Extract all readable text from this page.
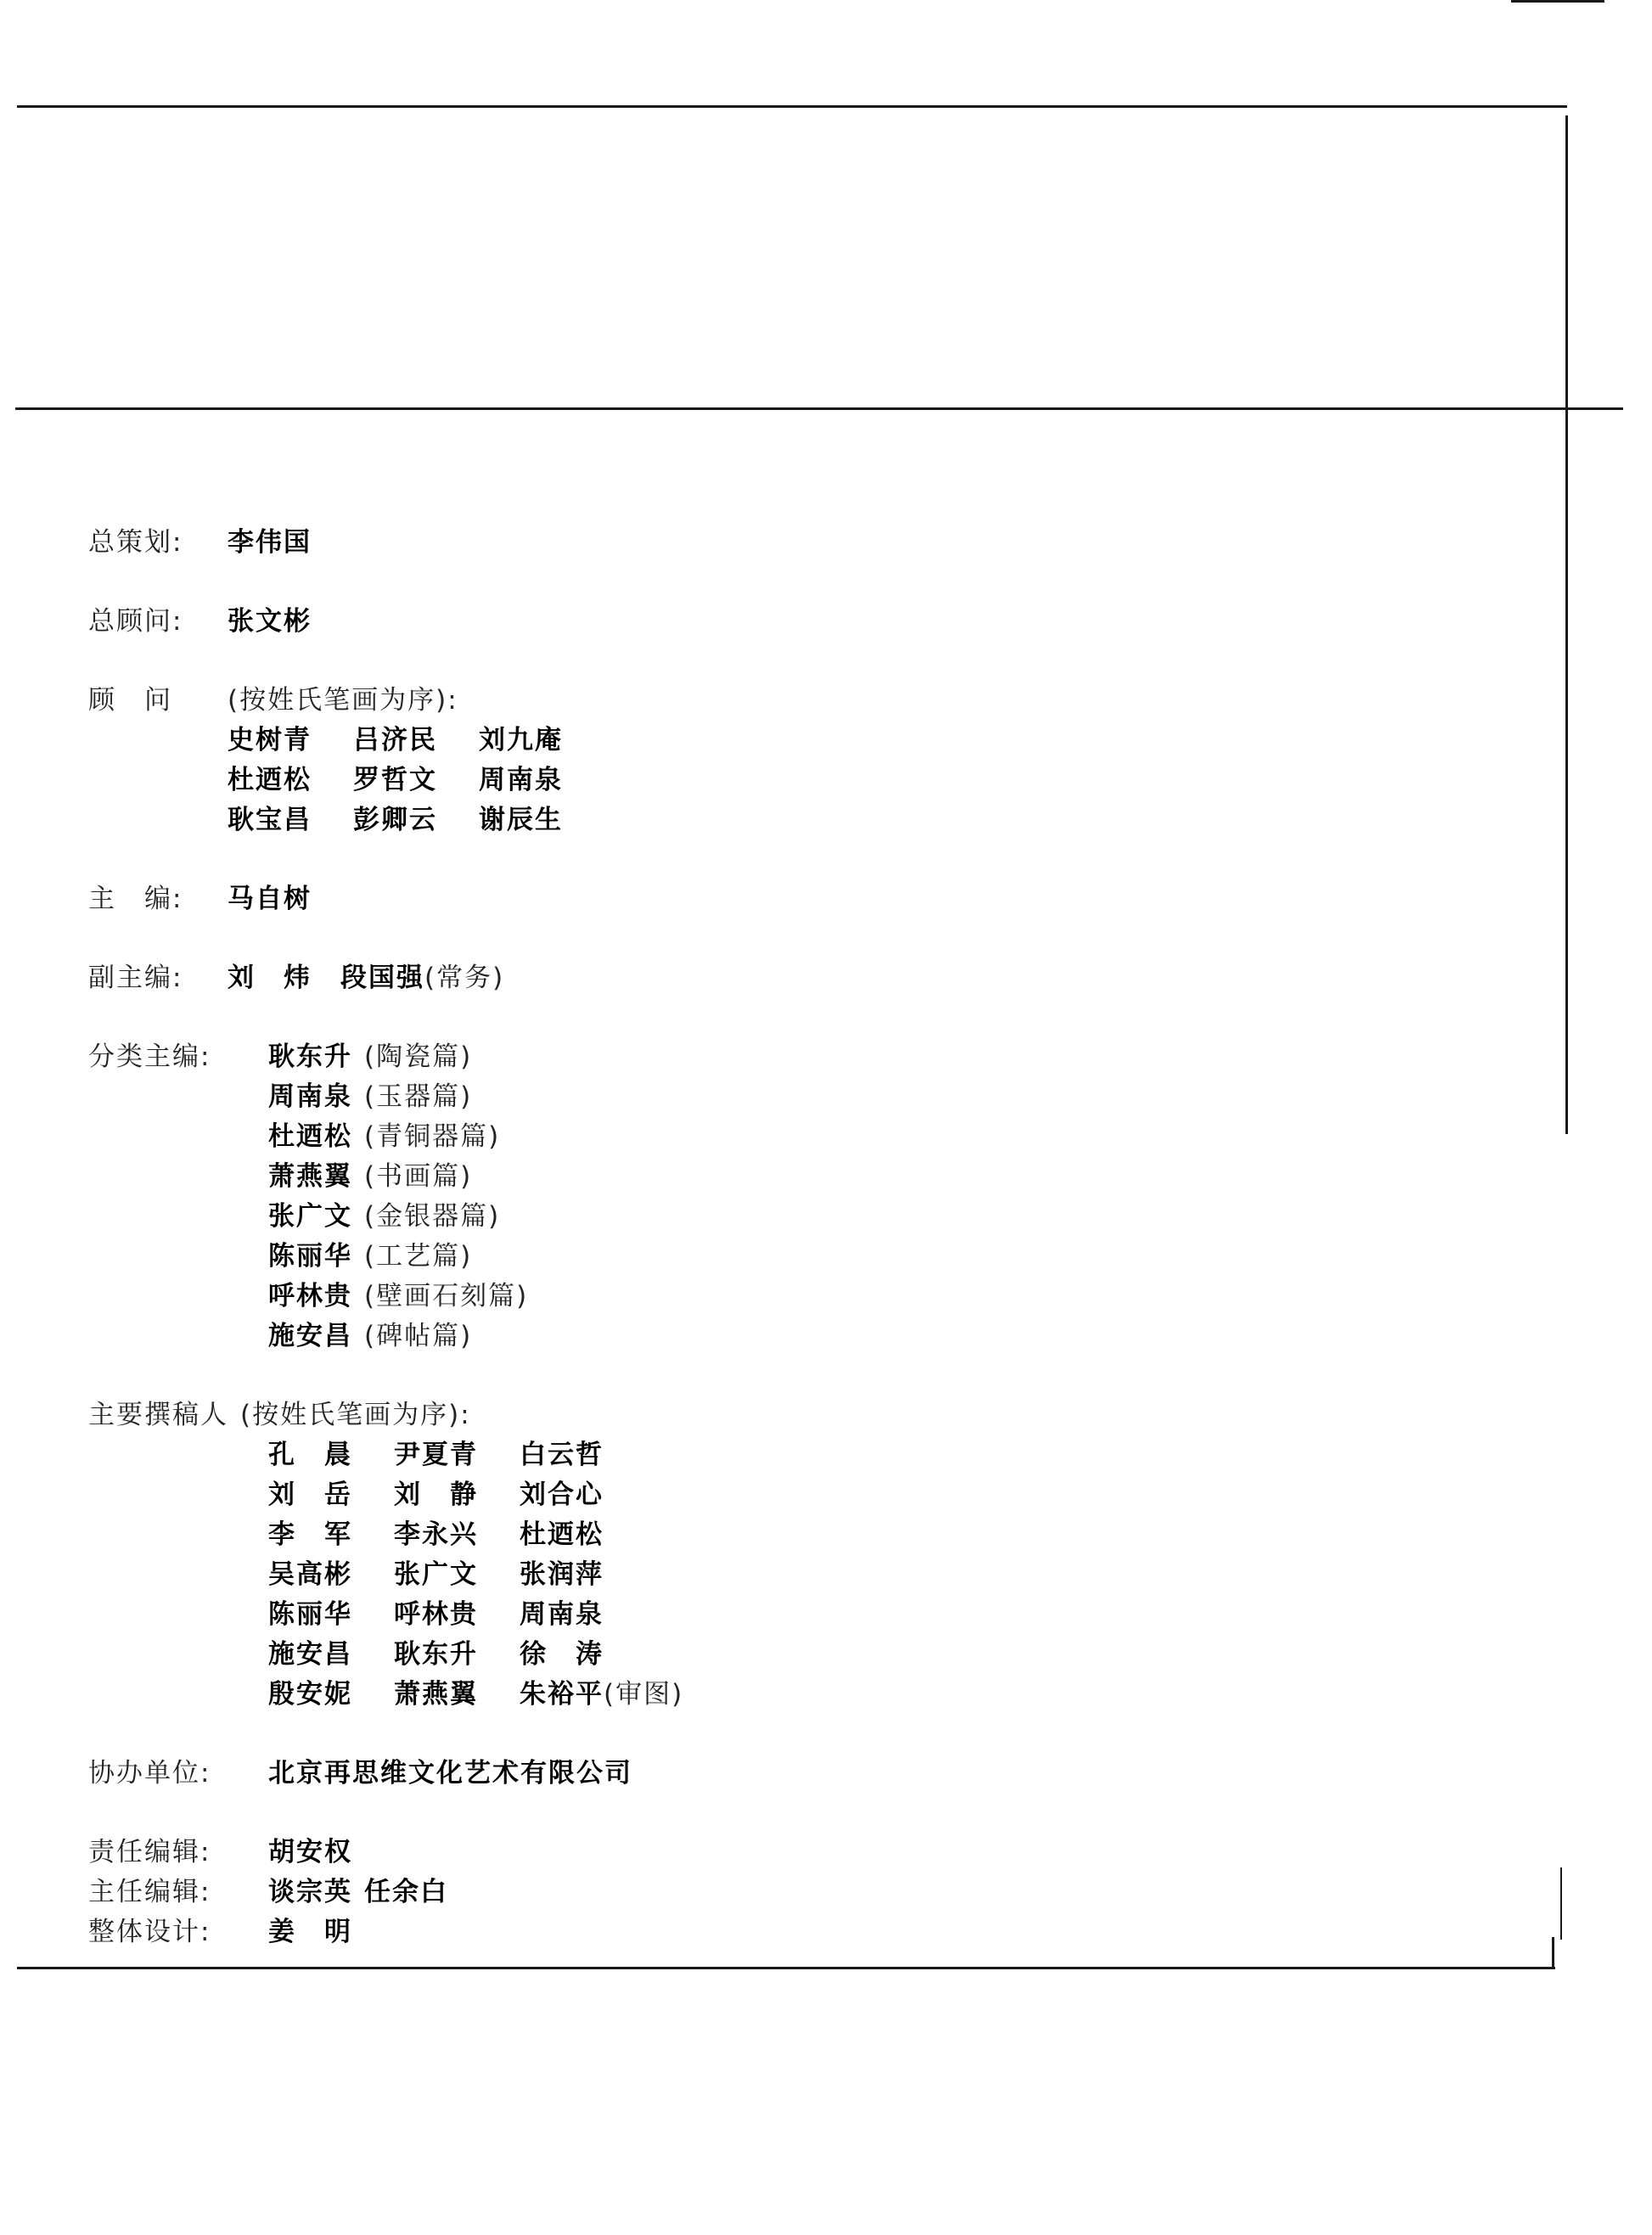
总策划:	李伟国
总顾问:	张文彬
顾　问	(按姓氏笔画为序):
史树青	吕济民	刘九庵
杜迺松	罗哲文	周南泉
耿宝昌	彭卿云	谢辰生
主　编:	马自树
副主编:	刘　炜 段国强 (常务)
分类主编:	耿东升 (陶瓷篇)
周南泉 (玉器篇)
杜迺松 (青铜器篇)
萧燕翼 (书画篇)
张广文 (金银器篇)
陈丽华 (工艺篇)
呼林贵 (壁画石刻篇)
施安昌 (碑帖篇)
主要撰稿人 (按姓氏笔画为序):
孔　晨	尹夏青	白云哲
刘　岳	刘　静	刘合心
李　军	李永兴	杜迺松
吴高彬	张广文	张润萍
陈丽华	呼林贵	周南泉
施安昌	耿东升	徐　涛
殷安妮	萧燕翼	朱裕平(审图)
协办单位:	北京再思维文化艺术有限公司
责任编辑:	胡安权
主任编辑:	谈宗英 任余白
整体设计:	姜　明
